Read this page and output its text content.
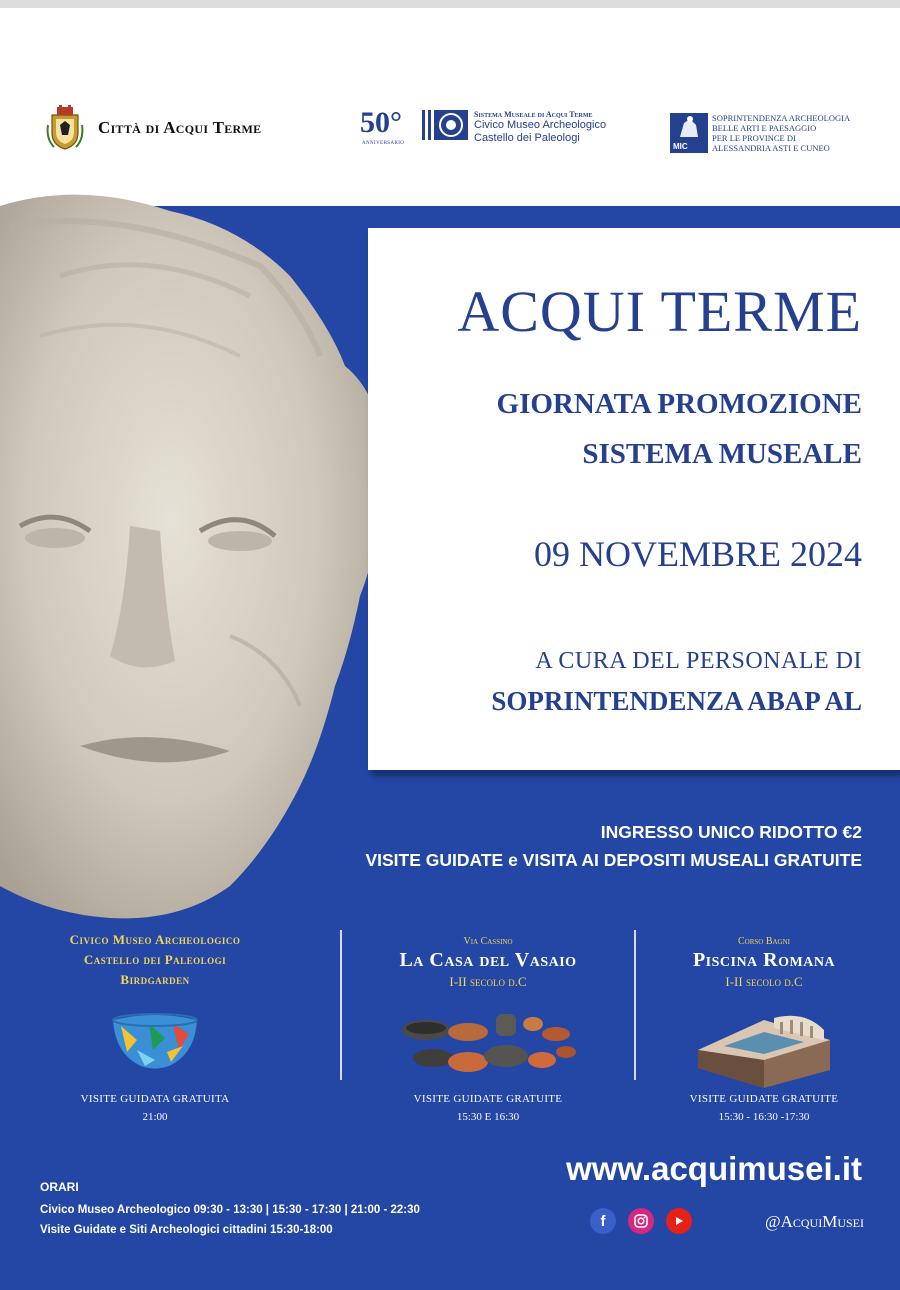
Città di Acqui Terme	50°
ANNIVERSARIO
Sistema Museale di Acqui Terme
Civico Museo Archeologico
Castello dei Paleologi
MIC
SOPRINTENDENZA ARCHEOLOGIA
BELLE ARTI E PAESAGGIO
PER LE PROVINCE DI
ALESSANDRIA ASTI E CUNEO
ACQUI TERME
GIORNATA PROMOZIONE
SISTEMA MUSEALE
09 NOVEMBRE 2024
A CURA DEL PERSONALE DI
SOPRINTENDENZA ABAP AL
INGRESSO UNICO RIDOTTO €2
VISITE GUIDATE e VISITA AI DEPOSITI MUSEALI GRATUITE
Civico Museo Archeologico
Castello dei Paleologi
Birdgarden
VISITE GUIDATA GRATUITA
21:00
Via Cassino
La Casa del Vasaio
I-II secolo d.C
VISITE GUIDATE GRATUITE
15:30 E 16:30
Corso Bagni
Piscina Romana
I-II secolo d.C
VISITE GUIDATE GRATUITE
15:30 - 16:30 -17:30
ORARI
Civico Museo Archeologico 09:30 - 13:30 | 15:30 - 17:30 | 21:00 - 22:30
Visite Guidate e Siti Archeologici cittadini 15:30-18:00
www.acquimusei.it
f	@AcquiMusei
